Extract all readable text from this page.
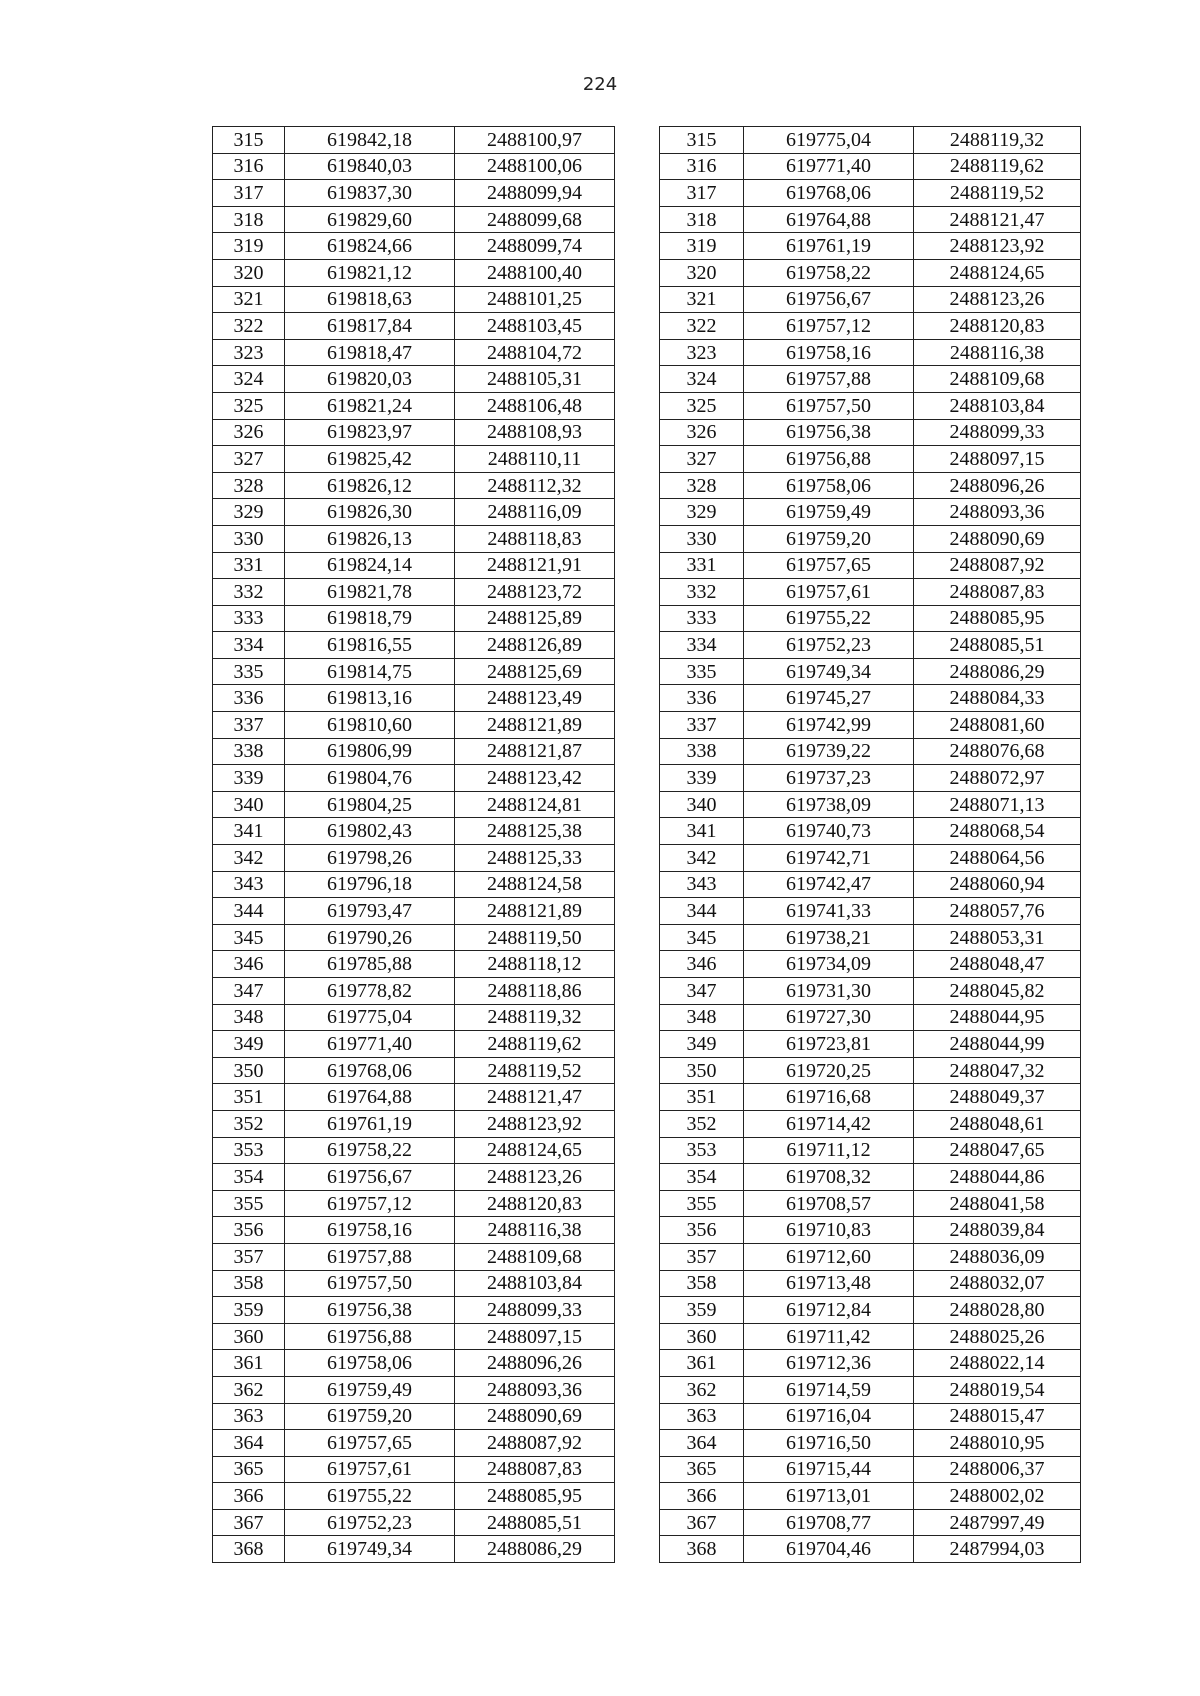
224
315	619842,18	2488100,97		315	619775,04	2488119,32
316	619840,03	2488100,06		316	619771,40	2488119,62
317	619837,30	2488099,94		317	619768,06	2488119,52
318	619829,60	2488099,68		318	619764,88	2488121,47
319	619824,66	2488099,74		319	619761,19	2488123,92
320	619821,12	2488100,40		320	619758,22	2488124,65
321	619818,63	2488101,25		321	619756,67	2488123,26
322	619817,84	2488103,45		322	619757,12	2488120,83
323	619818,47	2488104,72		323	619758,16	2488116,38
324	619820,03	2488105,31		324	619757,88	2488109,68
325	619821,24	2488106,48		325	619757,50	2488103,84
326	619823,97	2488108,93		326	619756,38	2488099,33
327	619825,42	2488110,11		327	619756,88	2488097,15
328	619826,12	2488112,32		328	619758,06	2488096,26
329	619826,30	2488116,09		329	619759,49	2488093,36
330	619826,13	2488118,83		330	619759,20	2488090,69
331	619824,14	2488121,91		331	619757,65	2488087,92
332	619821,78	2488123,72		332	619757,61	2488087,83
333	619818,79	2488125,89		333	619755,22	2488085,95
334	619816,55	2488126,89		334	619752,23	2488085,51
335	619814,75	2488125,69		335	619749,34	2488086,29
336	619813,16	2488123,49		336	619745,27	2488084,33
337	619810,60	2488121,89		337	619742,99	2488081,60
338	619806,99	2488121,87		338	619739,22	2488076,68
339	619804,76	2488123,42		339	619737,23	2488072,97
340	619804,25	2488124,81		340	619738,09	2488071,13
341	619802,43	2488125,38		341	619740,73	2488068,54
342	619798,26	2488125,33		342	619742,71	2488064,56
343	619796,18	2488124,58		343	619742,47	2488060,94
344	619793,47	2488121,89		344	619741,33	2488057,76
345	619790,26	2488119,50		345	619738,21	2488053,31
346	619785,88	2488118,12		346	619734,09	2488048,47
347	619778,82	2488118,86		347	619731,30	2488045,82
348	619775,04	2488119,32		348	619727,30	2488044,95
349	619771,40	2488119,62		349	619723,81	2488044,99
350	619768,06	2488119,52		350	619720,25	2488047,32
351	619764,88	2488121,47		351	619716,68	2488049,37
352	619761,19	2488123,92		352	619714,42	2488048,61
353	619758,22	2488124,65		353	619711,12	2488047,65
354	619756,67	2488123,26		354	619708,32	2488044,86
355	619757,12	2488120,83		355	619708,57	2488041,58
356	619758,16	2488116,38		356	619710,83	2488039,84
357	619757,88	2488109,68		357	619712,60	2488036,09
358	619757,50	2488103,84		358	619713,48	2488032,07
359	619756,38	2488099,33		359	619712,84	2488028,80
360	619756,88	2488097,15		360	619711,42	2488025,26
361	619758,06	2488096,26		361	619712,36	2488022,14
362	619759,49	2488093,36		362	619714,59	2488019,54
363	619759,20	2488090,69		363	619716,04	2488015,47
364	619757,65	2488087,92		364	619716,50	2488010,95
365	619757,61	2488087,83		365	619715,44	2488006,37
366	619755,22	2488085,95		366	619713,01	2488002,02
367	619752,23	2488085,51		367	619708,77	2487997,49
368	619749,34	2488086,29		368	619704,46	2487994,03
